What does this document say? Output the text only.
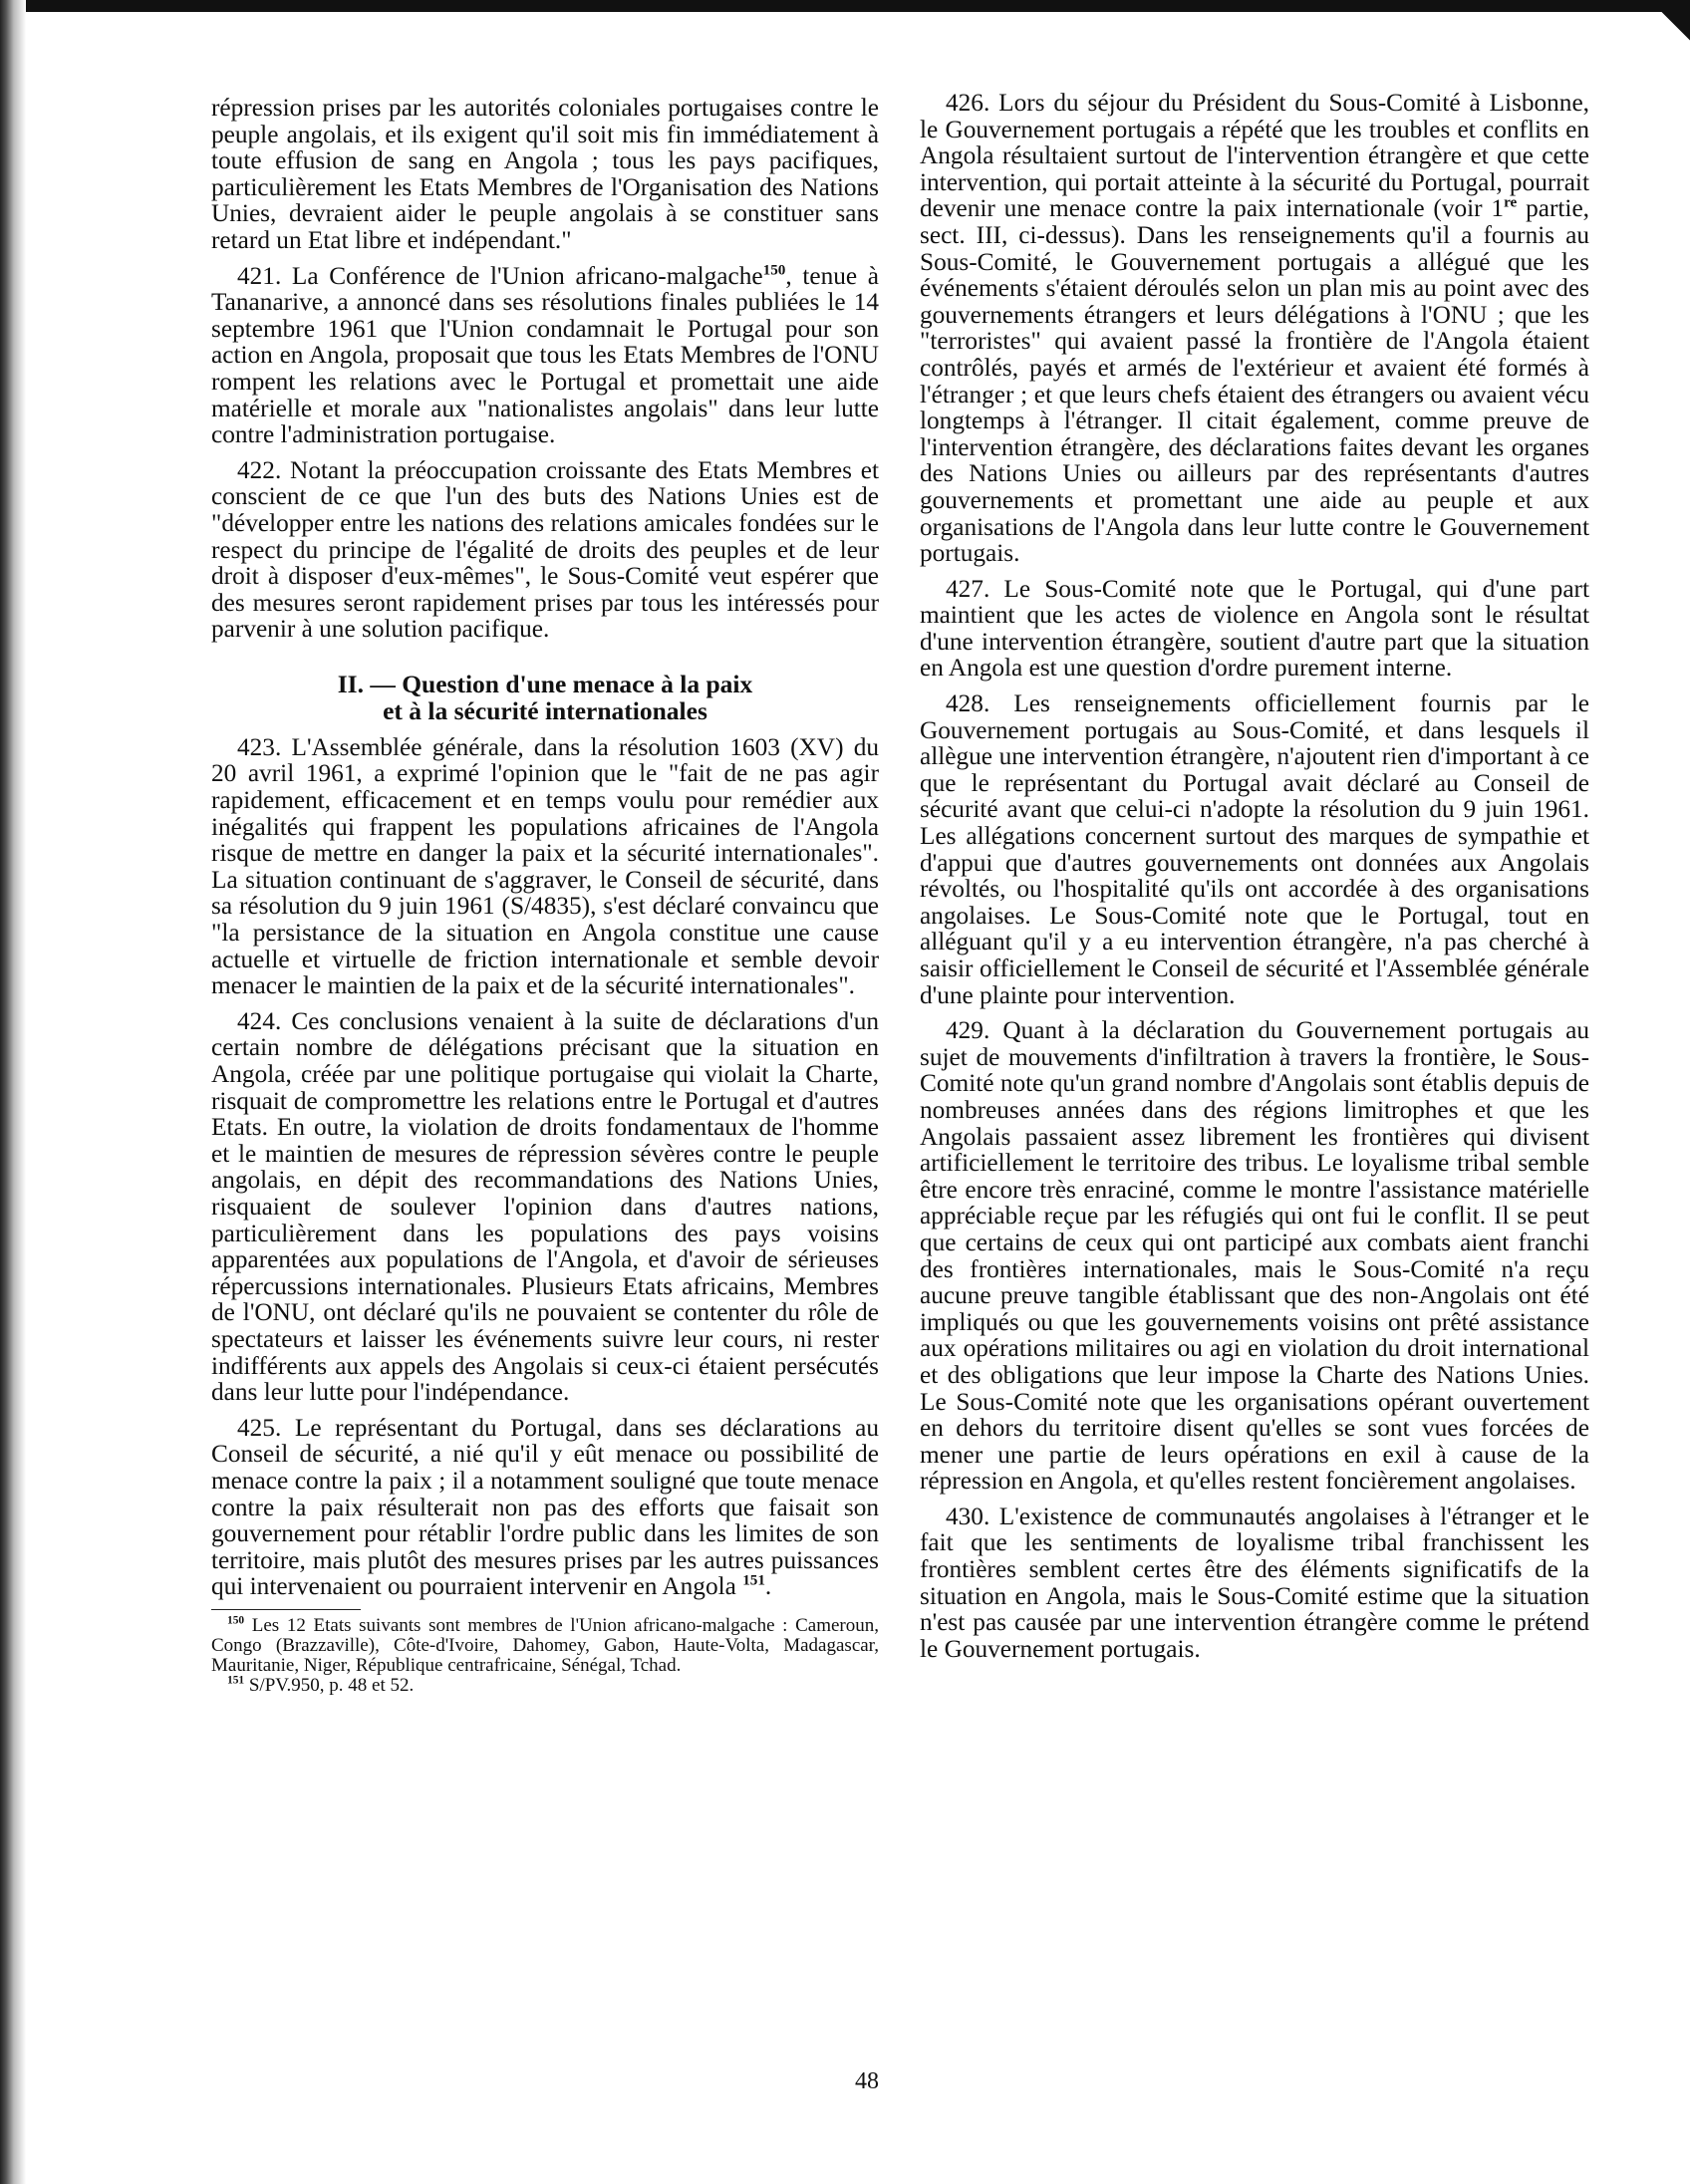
répression prises par les autorités coloniales portugaises contre le peuple angolais, et ils exigent qu'il soit mis fin immédiatement à toute effusion de sang en Angola ; tous les pays pacifiques, particulièrement les Etats Membres de l'Organisation des Nations Unies, devraient aider le peuple angolais à se constituer sans retard un Etat libre et indépendant."

421. La Conférence de l'Union africano-malgache$^{150}$, tenue à Tananarive, a annoncé dans ses résolutions finales publiées le 14 septembre 1961 que l'Union condamnait le Portugal pour son action en Angola, proposait que tous les Etats Membres de l'ONU rompent les relations avec le Portugal et promettait une aide matérielle et morale aux "nationalistes angolais" dans leur lutte contre l'administration portugaise.

422. Notant la préoccupation croissante des Etats Membres et conscient de ce que l'un des buts des Nations Unies est de "développer entre les nations des relations amicales fondées sur le respect du principe de l'égalité de droits des peuples et de leur droit à disposer d'eux-mêmes", le Sous-Comité veut espérer que des mesures seront rapidement prises par tous les intéressés pour parvenir à une solution pacifique.

II. — Question d'une menace à la paix
et à la sécurité internationales

423. L'Assemblée générale, dans la résolution 1603 (XV) du 20 avril 1961, a exprimé l'opinion que le "fait de ne pas agir rapidement, efficacement et en temps voulu pour remédier aux inégalités qui frappent les populations africaines de l'Angola risque de mettre en danger la paix et la sécurité internationales". La situation continuant de s'aggraver, le Conseil de sécurité, dans sa résolution du 9 juin 1961 (S/4835), s'est déclaré convaincu que "la persistance de la situation en Angola constitue une cause actuelle et virtuelle de friction internationale et semble devoir menacer le maintien de la paix et de la sécurité internationales".

424. Ces conclusions venaient à la suite de déclarations d'un certain nombre de délégations précisant que la situation en Angola, créée par une politique portugaise qui violait la Charte, risquait de compromettre les relations entre le Portugal et d'autres Etats. En outre, la violation de droits fondamentaux de l'homme et le maintien de mesures de répression sévères contre le peuple angolais, en dépit des recommandations des Nations Unies, risquaient de soulever l'opinion dans d'autres nations, particulièrement dans les populations des pays voisins apparentées aux populations de l'Angola, et d'avoir de sérieuses répercussions internationales. Plusieurs Etats africains, Membres de l'ONU, ont déclaré qu'ils ne pouvaient se contenter du rôle de spectateurs et laisser les événements suivre leur cours, ni rester indifférents aux appels des Angolais si ceux-ci étaient persécutés dans leur lutte pour l'indépendance.

425. Le représentant du Portugal, dans ses déclarations au Conseil de sécurité, a nié qu'il y eût menace ou possibilité de menace contre la paix ; il a notamment souligné que toute menace contre la paix résulterait non pas des efforts que faisait son gouvernement pour rétablir l'ordre public dans les limites de son territoire, mais plutôt des mesures prises par les autres puissances qui intervenaient ou pourraient intervenir en Angola $^{151}$.

$^{150}$ Les 12 Etats suivants sont membres de l'Union africano-malgache : Cameroun, Congo (Brazzaville), Côte-d'Ivoire, Dahomey, Gabon, Haute-Volta, Madagascar, Mauritanie, Niger, République centrafricaine, Sénégal, Tchad.

$^{151}$ S/PV.950, p. 48 et 52.

426. Lors du séjour du Président du Sous-Comité à Lisbonne, le Gouvernement portugais a répété que les troubles et conflits en Angola résultaient surtout de l'intervention étrangère et que cette intervention, qui portait atteinte à la sécurité du Portugal, pourrait devenir une menace contre la paix internationale (voir 1re partie, sect. III, ci-dessus). Dans les renseignements qu'il a fournis au Sous-Comité, le Gouvernement portugais a allégué que les événements s'étaient déroulés selon un plan mis au point avec des gouvernements étrangers et leurs délégations à l'ONU ; que les "terroristes" qui avaient passé la frontière de l'Angola étaient contrôlés, payés et armés de l'extérieur et avaient été formés à l'étranger ; et que leurs chefs étaient des étrangers ou avaient vécu longtemps à l'étranger. Il citait également, comme preuve de l'intervention étrangère, des déclarations faites devant les organes des Nations Unies ou ailleurs par des représentants d'autres gouvernements et promettant une aide au peuple et aux organisations de l'Angola dans leur lutte contre le Gouvernement portugais.

427. Le Sous-Comité note que le Portugal, qui d'une part maintient que les actes de violence en Angola sont le résultat d'une intervention étrangère, soutient d'autre part que la situation en Angola est une question d'ordre purement interne.

428. Les renseignements officiellement fournis par le Gouvernement portugais au Sous-Comité, et dans lesquels il allègue une intervention étrangère, n'ajoutent rien d'important à ce que le représentant du Portugal avait déclaré au Conseil de sécurité avant que celui-ci n'adopte la résolution du 9 juin 1961. Les allégations concernent surtout des marques de sympathie et d'appui que d'autres gouvernements ont données aux Angolais révoltés, ou l'hospitalité qu'ils ont accordée à des organisations angolaises. Le Sous-Comité note que le Portugal, tout en alléguant qu'il y a eu intervention étrangère, n'a pas cherché à saisir officiellement le Conseil de sécurité et l'Assemblée générale d'une plainte pour intervention.

429. Quant à la déclaration du Gouvernement portugais au sujet de mouvements d'infiltration à travers la frontière, le Sous-Comité note qu'un grand nombre d'Angolais sont établis depuis de nombreuses années dans des régions limitrophes et que les Angolais passaient assez librement les frontières qui divisent artificiellement le territoire des tribus. Le loyalisme tribal semble être encore très enraciné, comme le montre l'assistance matérielle appréciable reçue par les réfugiés qui ont fui le conflit. Il se peut que certains de ceux qui ont participé aux combats aient franchi des frontières internationales, mais le Sous-Comité n'a reçu aucune preuve tangible établissant que des non-Angolais ont été impliqués ou que les gouvernements voisins ont prêté assistance aux opérations militaires ou agi en violation du droit international et des obligations que leur impose la Charte des Nations Unies. Le Sous-Comité note que les organisations opérant ouvertement en dehors du territoire disent qu'elles se sont vues forcées de mener une partie de leurs opérations en exil à cause de la répression en Angola, et qu'elles restent foncièrement angolaises.

430. L'existence de communautés angolaises à l'étranger et le fait que les sentiments de loyalisme tribal franchissent les frontières semblent certes être des éléments significatifs de la situation en Angola, mais le Sous-Comité estime que la situation n'est pas causée par une intervention étrangère comme le prétend le Gouvernement portugais.

48
